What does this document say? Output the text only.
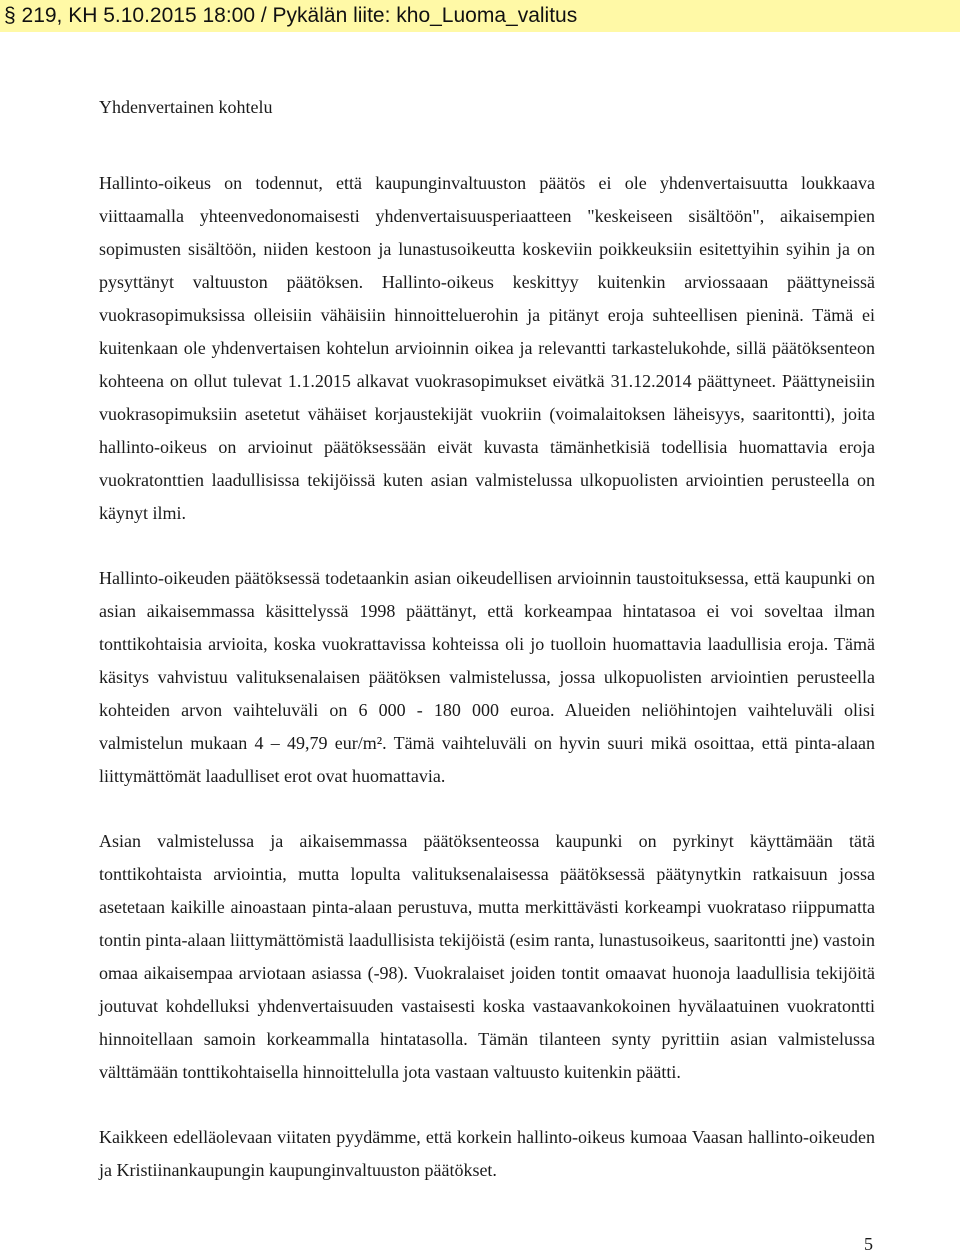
§ 219, KH 5.10.2015 18:00 / Pykälän liite: kho_Luoma_valitus
Yhdenvertainen kohtelu

Hallinto-oikeus on todennut, että kaupunginvaltuuston päätös ei ole yhdenvertaisuutta loukkaava viittaamalla yhteenvedonomaisesti yhdenvertaisuusperiaatteen "keskeiseen sisältöön", aikaisempien sopimusten sisältöön, niiden kestoon ja lunastusoikeutta koskeviin poikkeuksiin esitettyihin syihin ja on pysyttänyt valtuuston päätöksen. Hallinto-oikeus keskittyy kuitenkin arviossaaan päättyneissä vuokrasopimuksissa olleisiin vähäisiin hinnoitteluerohin ja pitänyt eroja suhteellisen pieninä. Tämä ei kuitenkaan ole yhdenvertaisen kohtelun arvioinnin oikea ja relevantti tarkastelukohde, sillä päätöksenteon kohteena on ollut tulevat 1.1.2015 alkavat vuokrasopimukset eivätkä 31.12.2014 päättyneet. Päättyneisiin vuokrasopimuksiin asetetut vähäiset korjaustekijät vuokriin (voimalaitoksen läheisyys, saaritontti), joita hallinto-oikeus on arvioinut päätöksessään eivät kuvasta tämänhetkisiä todellisia huomattavia eroja vuokratonttien laadullisissa tekijöissä kuten asian valmistelussa ulkopuolisten arviointien perusteella on käynyt ilmi.

Hallinto-oikeuden päätöksessä todetaankin asian oikeudellisen arvioinnin taustoituksessa, että kaupunki on asian aikaisemmassa käsittelyssä 1998 päättänyt, että korkeampaa hintatasoa ei voi soveltaa ilman tonttikohtaisia arvioita, koska vuokrattavissa kohteissa oli jo tuolloin huomattavia laadullisia eroja. Tämä käsitys vahvistuu valituksenalaisen päätöksen valmistelussa, jossa ulkopuolisten arviointien perusteella kohteiden arvon vaihteluväli on 6 000 - 180 000 euroa. Alueiden neliöhintojen vaihteluväli olisi valmistelun mukaan 4 – 49,79 eur/m². Tämä vaihteluväli on hyvin suuri mikä osoittaa, että pinta-alaan liittymättömät laadulliset erot ovat huomattavia.

Asian valmistelussa ja aikaisemmassa päätöksenteossa kaupunki on pyrkinyt käyttämään tätä tonttikohtaista arviointia, mutta lopulta valituksenalaisessa päätöksessä päätynytkin ratkaisuun jossa asetetaan kaikille ainoastaan pinta-alaan perustuva, mutta merkittävästi korkeampi vuokrataso riippumatta tontin pinta-alaan liittymättömistä laadullisista tekijöistä (esim ranta, lunastusoikeus, saaritontti jne) vastoin omaa aikaisempaa arviotaan asiassa (-98). Vuokralaiset joiden tontit omaavat huonoja laadullisia tekijöitä joutuvat kohdelluksi yhdenvertaisuuden vastaisesti koska vastaavankokoinen hyvälaatuinen vuokratontti hinnoitellaan samoin korkeammalla hintatasolla. Tämän tilanteen synty pyrittiin asian valmistelussa välttämään tonttikohtaisella hinnoittelulla jota vastaan valtuusto kuitenkin päätti.

Kaikkeen edelläolevaan viitaten pyydämme, että korkein hallinto-oikeus kumoaa Vaasan hallinto-oikeuden ja Kristiinankaupungin kaupunginvaltuuston päätökset.

5
